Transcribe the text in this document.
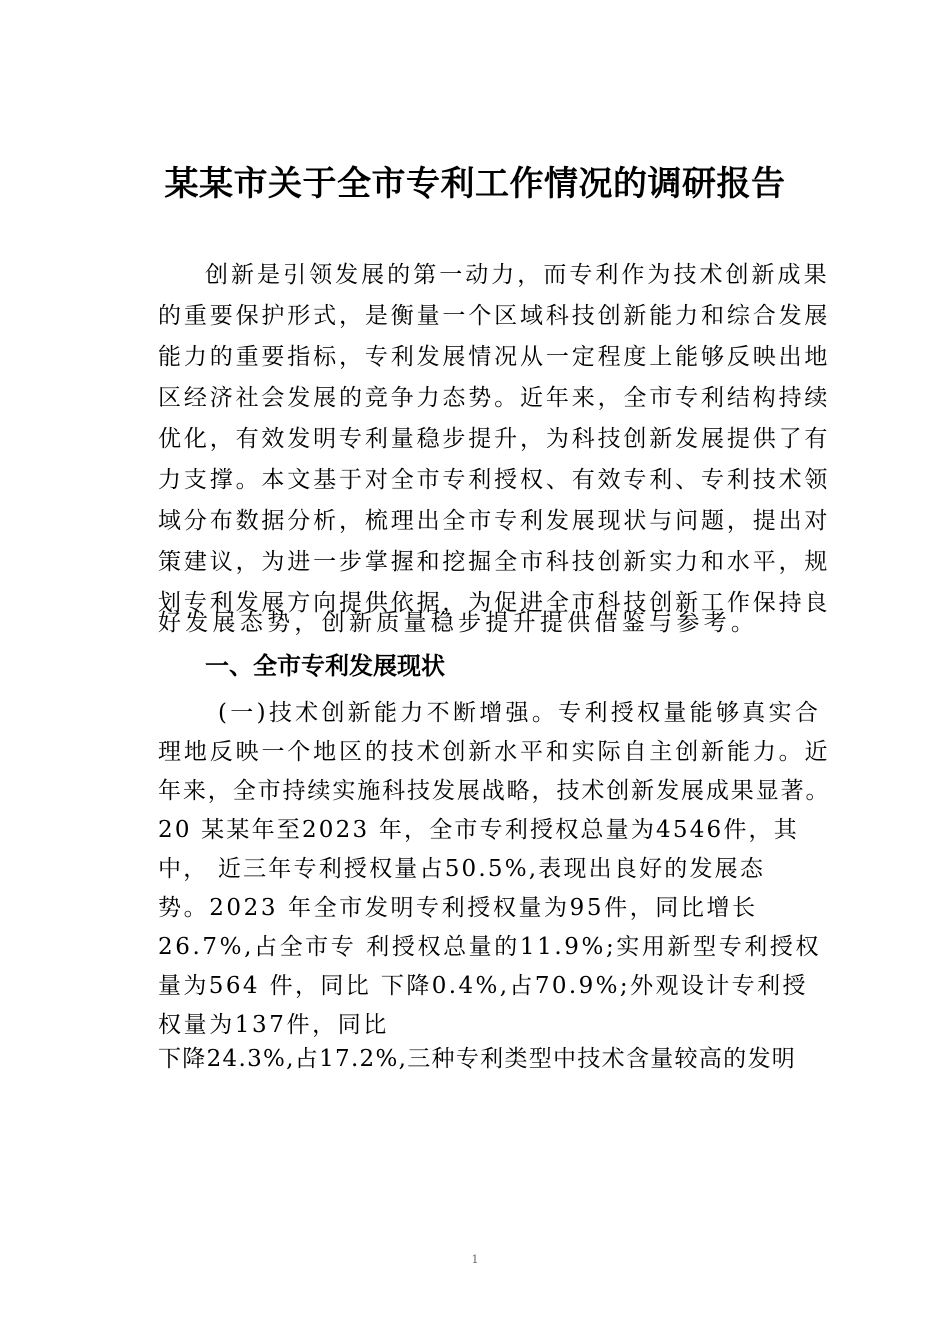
某某市关于全市专利工作情况的调研报告
创新是引领发展的第一动力，而专利作为技术创新成果
的重要保护形式，是衡量一个区域科技创新能力和综合发展
能力的重要指标，专利发展情况从一定程度上能够反映出地
区经济社会发展的竞争力态势。近年来，全市专利结构持续
优化，有效发明专利量稳步提升，为科技创新发展提供了有
力支撑。本文基于对全市专利授权、有效专利、专利技术领
域分布数据分析，梳理出全市专利发展现状与问题，提出对
策建议，为进一步掌握和挖掘全市科技创新实力和水平，规
划专利发展方向提供依据，为促进全市科技创新工作保持良
好发展态势，创新质量稳步提升提供借鉴与参考。
一、全市专利发展现状
(一)技术创新能力不断增强。专利授权量能够真实合
理地反映一个地区的技术创新水平和实际自主创新能力。近
年来，全市持续实施科技发展战略，技术创新发展成果显著。
20 某某年至2023 年，全市专利授权总量为4546件，其
中， 近三年专利授权量占50.5%,表现出良好的发展态
势。2023 年全市发明专利授权量为95件，同比增长
26.7%,占全市专 利授权总量的11.9%;实用新型专利授权
量为564 件，同比 下降0.4%,占70.9%;外观设计专利授
权量为137件，同比
下降24.3%,占17.2%,三种专利类型中技术含量较高的发明
1
